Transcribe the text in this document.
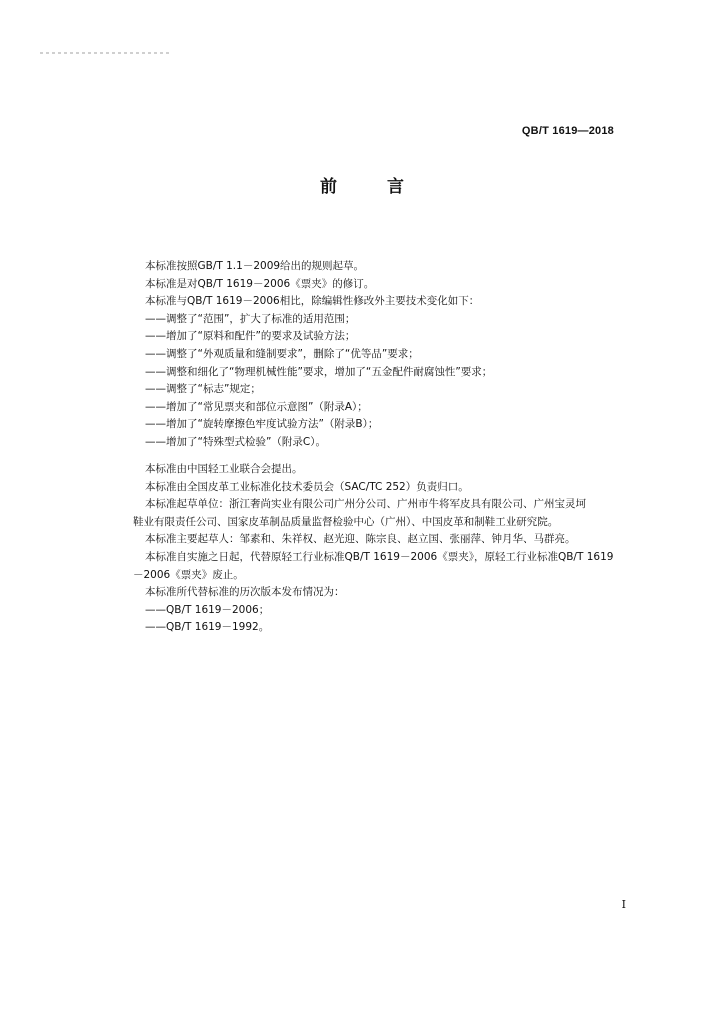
QB/T 1619—2018
前 言

本标准按照GB/T 1.1－2009给出的规则起草。

本标准是对QB/T 1619－2006《票夹》的修订。

本标准与QB/T 1619－2006相比，除编辑性修改外主要技术变化如下：

——调整了“范围”，扩大了标准的适用范围；

——增加了“原料和配件”的要求及试验方法；

——调整了“外观质量和缝制要求”，删除了“优等品”要求；

——调整和细化了“物理机械性能”要求，增加了“五金配件耐腐蚀性”要求；

——调整了“标志”规定；

——增加了“常见票夹和部位示意图”（附录A）；

——增加了“旋转摩擦色牢度试验方法”（附录B）；

——增加了“特殊型式检验”（附录C）。

本标准由中国轻工业联合会提出。

本标准由全国皮革工业标准化技术委员会（SAC/TC 252）负责归口。

本标准起草单位：浙江奢尚实业有限公司广州分公司、广州市牛将军皮具有限公司、广州宝灵坷
鞋业有限责任公司、国家皮革制品质量监督检验中心（广州）、中国皮革和制鞋工业研究院。

本标准主要起草人：邹素和、朱祥权、赵光迎、陈宗良、赵立国、张丽萍、钟月华、马群亮。

本标准自实施之日起，代替原轻工行业标准QB/T 1619－2006《票夹》，原轻工行业标准QB/T 1619
－2006《票夹》废止。

本标准所代替标准的历次版本发布情况为：

——QB/T 1619－2006；

——QB/T 1619－1992。

I
